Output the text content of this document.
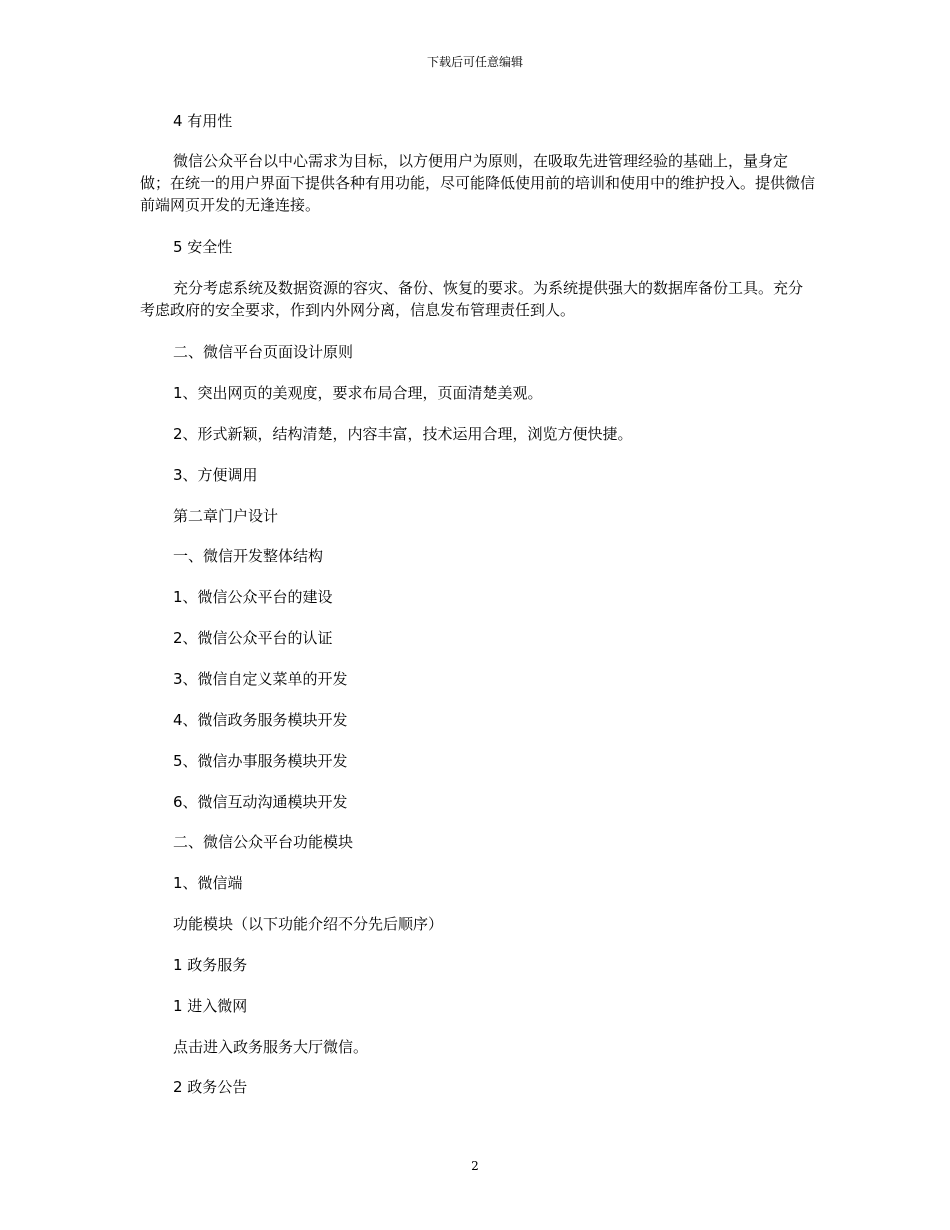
下载后可任意编辑

4 有用性

微信公众平台以中心需求为目标，以方便用户为原则，在吸取先进管理经验的基础上，量身定做；在统一的用户界面下提供各种有用功能，尽可能降低使用前的培训和使用中的维护投入。提供微信前端网页开发的无逢连接。

5 安全性

充分考虑系统及数据资源的容灾、备份、恢复的要求。为系统提供强大的数据库备份工具。充分考虑政府的安全要求，作到内外网分离，信息发布管理责任到人。

二、微信平台页面设计原则

1、突出网页的美观度，要求布局合理，页面清楚美观。

2、形式新颖，结构清楚，内容丰富，技术运用合理，浏览方便快捷。

3、方便调用

第二章门户设计

一、微信开发整体结构

1、微信公众平台的建设

2、微信公众平台的认证

3、微信自定义菜单的开发

4、微信政务服务模块开发

5、微信办事服务模块开发

6、微信互动沟通模块开发

二、微信公众平台功能模块

1、微信端

功能模块（以下功能介绍不分先后顺序）

1 政务服务

1 进入微网

点击进入政务服务大厅微信。

2 政务公告

2
